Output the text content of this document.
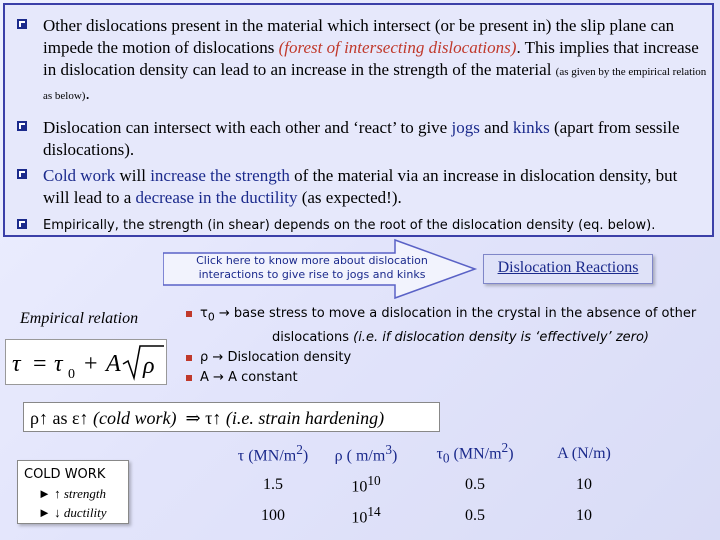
Other dislocations present in the material which intersect (or be present in) the slip plane can impede the motion of dislocations (forest of intersecting dislocations). This implies that increase in dislocation density can lead to an increase in the strength of the material (as given by the empirical relation as below).
Dislocation can intersect with each other and ‘react’ to give jogs and kinks (apart from sessile dislocations).
Cold work will increase the strength of the material via an increase in dislocation density, but will lead to a decrease in the ductility (as expected!).
Empirically, the strength (in shear) depends on the root of the dislocation density (eq. below).
Click here to know more about dislocation interactions to give rise to jogs and kinks	Dislocation Reactions
Empirical relation
τ = τ 0 + A ρ
$\tau_0$ → base stress to move a dislocation in the crystal in the absence of other
dislocations (i.e. if dislocation density is ‘effectively’ zero)
ρ → Dislocation density
A → A constant
ρ↑ as ε↑ (cold work) ⇒ τ↑ (i.e. strain hardening)
COLD WORK
► ↑ strength
► ↓ ductility
τ $(MN/m^2)$	ρ ( $m/m^3$)	$\tau_0$ $(MN/m^2)$	A (N/m)
1.5	$10^{10}$	0.5	10
100	$10^{14}$	0.5	10
